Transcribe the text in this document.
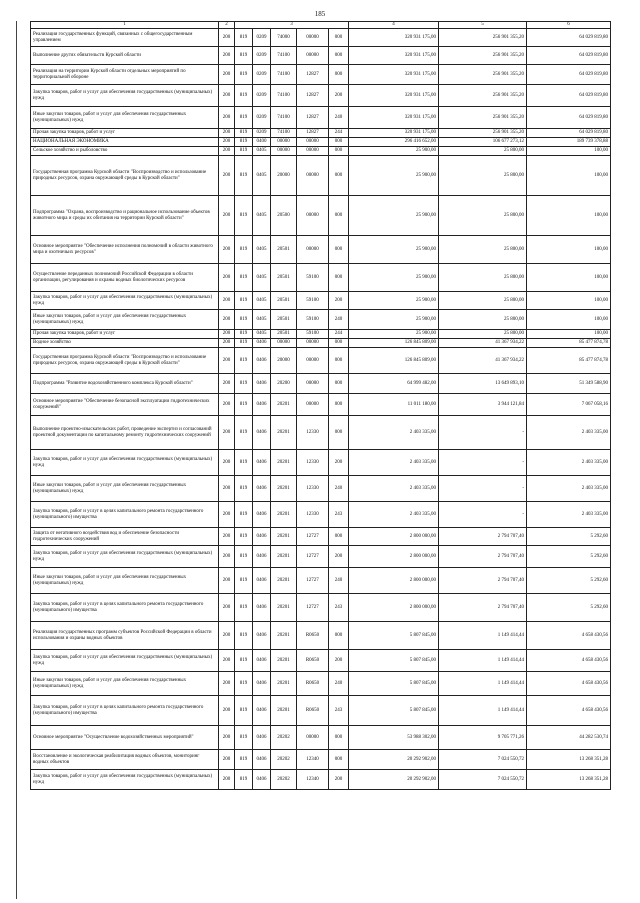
185
1	2	3					4	5	6
Реализация государственных функций, связанных с общегосударственным управлением	200	819	0209	74000	00000	000	320 931 175,00	256 901 355,20	64 029 819,80
Выполнение других обязательств Курской области	200	819	0209	74100	00000	000	320 931 175,00	256 901 355,20	64 029 819,80
Реализация на территории Курской области отдельных мероприятий по территориальной обороне	200	819	0209	74100	12827	000	320 931 175,00	256 901 355,20	64 029 819,80
Закупка товаров, работ и услуг для обеспечения государственных (муниципальных) нужд	200	819	0209	74100	12827	200	320 931 175,00	256 901 355,20	64 029 819,80
Иные закупки товаров, работ и услуг для обеспечения государственных (муниципальных) нужд	200	819	0209	74100	12827	240	320 931 175,00	256 901 355,20	64 029 819,80
Прочая закупка товаров, работ и услуг	200	819	0209	74100	12827	244	320 931 175,00	256 901 355,20	64 029 819,80
НАЦИОНАЛЬНАЯ ЭКОНОМИКА	200	819	0400	00000	00000	000	296 416 652,00	106 677 273,12	189 739 378,88
Сельское хозяйство и рыболовство	200	819	0405	00000	00000	000	25 900,00	25 800,00	100,00
Государственная программа Курской области "Воспроизводство и использование природных ресурсов, охрана окружающей среды в Курской области"	200	819	0405	20000	00000	000	25 900,00	25 800,00	100,00
Подпрограмма "Охрана, воспроизводство и рациональное использование объектов животного мира и среды их обитания на территории Курской области"	200	819	0405	20500	00000	000	25 900,00	25 800,00	100,00
Основное мероприятие "Обеспечение исполнения полномочий в области животного мира и охотничьих ресурсов"	200	819	0405	20501	00000	000	25 900,00	25 800,00	100,00
Осуществление переданных полномочий Российской Федерации в области организации, регулирования и охраны водных биологических ресурсов	200	819	0405	20501	59100	000	25 900,00	25 800,00	100,00
Закупка товаров, работ и услуг для обеспечения государственных (муниципальных) нужд	200	819	0405	20501	59100	200	25 900,00	25 800,00	100,00
Иные закупки товаров, работ и услуг для обеспечения государственных (муниципальных) нужд	200	819	0405	20501	59100	240	25 900,00	25 800,00	100,00
Прочая закупка товаров, работ и услуг	200	819	0405	20501	59100	244	25 900,00	25 800,00	100,00
Водное хозяйство	200	819	0406	00000	00000	000	126 845 809,00	41 367 934,22	85 477 874,78
Государственная программа Курской области "Воспроизводство и использование природных ресурсов, охрана окружающей среды в Курской области"	200	819	0406	20000	00000	000	126 845 809,00	41 367 934,22	85 477 874,78
Подпрограмма "Развитие водохозяйственного комплекса Курской области"	200	819	0406	20200	00000	000	64 999 482,00	13 649 893,10	51 349 588,90
Основное мероприятие "Обеспечение безопасной эксплуатации гидротехнических сооружений"	200	819	0406	20201	00000	000	11 011 180,00	3 944 121,84	7 067 058,16
Выполнение проектно-изыскательских работ, проведение экспертиз и согласований проектной документации по капитальному ремонту гидротехнических сооружений	200	819	0406	20201	12330	000	2 403 335,00	-	2 403 335,00
Закупка товаров, работ и услуг для обеспечения государственных (муниципальных) нужд	200	819	0406	20201	12330	200	2 403 335,00	-	2 403 335,00
Иные закупки товаров, работ и услуг для обеспечения государственных (муниципальных) нужд	200	819	0406	20201	12330	240	2 403 335,00	-	2 403 335,00
Закупка товаров, работ и услуг в целях капитального ремонта государственного (муниципального) имущества	200	819	0406	20201	12330	243	2 403 335,00	-	2 403 335,00
Защита от негативного воздействия вод и обеспечение безопасности гидротехнических сооружений	200	819	0406	20201	12727	000	2 800 000,00	2 794 707,40	5 292,60
Закупка товаров, работ и услуг для обеспечения государственных (муниципальных) нужд	200	819	0406	20201	12727	200	2 800 000,00	2 794 707,40	5 292,60
Иные закупки товаров, работ и услуг для обеспечения государственных (муниципальных) нужд	200	819	0406	20201	12727	240	2 800 000,00	2 794 707,40	5 292,60
Закупка товаров, работ и услуг в целях капитального ремонта государственного (муниципального) имущества	200	819	0406	20201	12727	243	2 800 000,00	2 794 707,40	5 292,60
Реализация государственных программ субъектов Российской Федерации в области использования и охраны водных объектов	200	819	0406	20201	R0650	000	5 807 845,00	1 149 414,44	4 658 430,56
Закупка товаров, работ и услуг для обеспечения государственных (муниципальных) нужд	200	819	0406	20201	R0650	200	5 807 845,00	1 149 414,44	4 658 430,56
Иные закупки товаров, работ и услуг для обеспечения государственных (муниципальных) нужд	200	819	0406	20201	R0650	240	5 807 845,00	1 149 414,44	4 658 430,56
Закупка товаров, работ и услуг в целях капитального ремонта государственного (муниципального) имущества	200	819	0406	20201	R0650	243	5 807 845,00	1 149 414,44	4 658 430,56
Основное мероприятие "Осуществление водохозяйственных мероприятий"	200	819	0406	20202	00000	000	53 988 302,00	9 705 771,26	44 282 530,74
Восстановление и экологическая реабилитация водных объектов, мониторинг водных объектов	200	819	0406	20202	12340	000	20 292 902,00	7 024 550,72	13 268 351,28
Закупка товаров, работ и услуг для обеспечения государственных (муниципальных) нужд	200	819	0406	20202	12340	200	20 292 902,00	7 024 550,72	13 268 351,28
